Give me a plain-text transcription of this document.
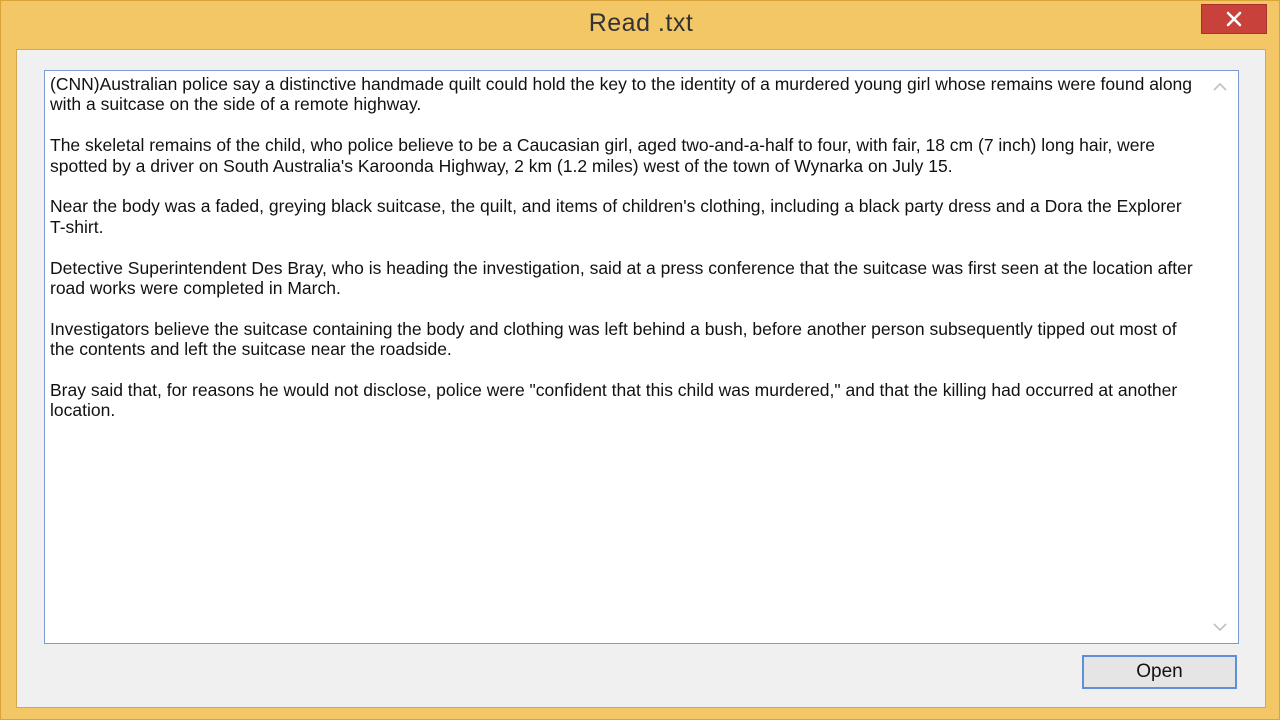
Read .txt

(CNN)Australian police say a distinctive handmade quilt could hold the key to the identity of a murdered young girl whose remains were found along with a suitcase on the side of a remote highway.

The skeletal remains of the child, who police believe to be a Caucasian girl, aged two-and-a-half to four, with fair, 18 cm (7 inch) long hair, were spotted by a driver on South Australia's Karoonda Highway, 2 km (1.2 miles) west of the town of Wynarka on July 15.

Near the body was a faded, greying black suitcase, the quilt, and items of children's clothing, including a black party dress and a Dora the Explorer T-shirt.

Detective Superintendent Des Bray, who is heading the investigation, said at a press conference that the suitcase was first seen at the location after road works were completed in March.

Investigators believe the suitcase containing the body and clothing was left behind a bush, before another person subsequently tipped out most of the contents and left the suitcase near the roadside.

Bray said that, for reasons he would not disclose, police were "confident that this child was murdered," and that the killing had occurred at another location.

Open
